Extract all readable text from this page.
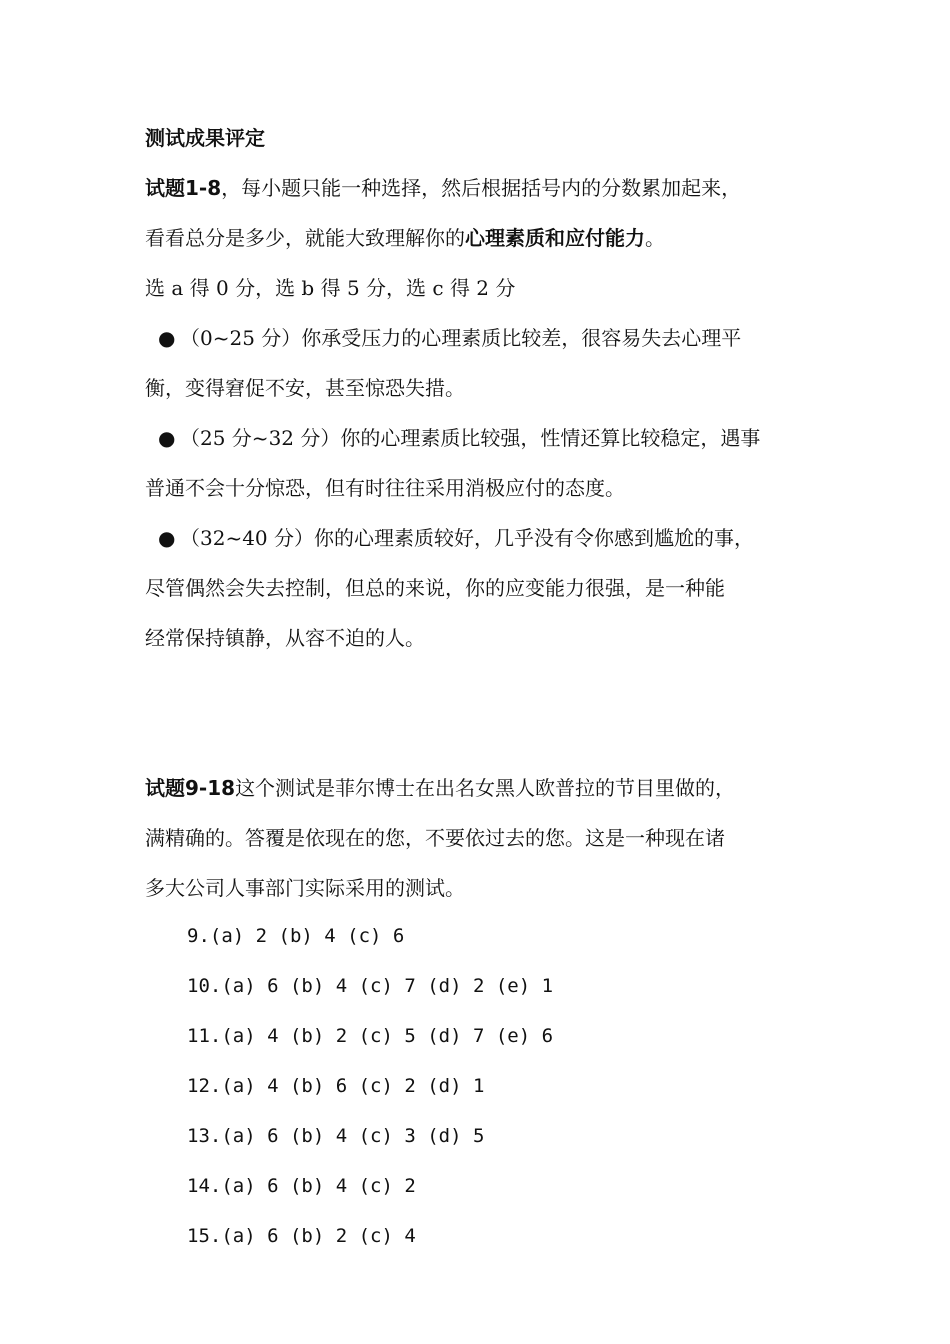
测试成果评定
试题1-8，每小题只能一种选择，然后根据括号内的分数累加起来，
看看总分是多少，就能大致理解你的心理素质和应付能力。
选 a 得 0 分，选 b 得 5 分，选 c 得 2 分
● （0~25 分）你承受压力的心理素质比较差，很容易失去心理平
衡，变得窘促不安，甚至惊恐失措。
● （25 分~32 分）你的心理素质比较强，性情还算比较稳定，遇事
普通不会十分惊恐，但有时往往采用消极应付的态度。
● （32~40 分）你的心理素质较好，几乎没有令你感到尴尬的事，
尽管偶然会失去控制，但总的来说，你的应变能力很强，是一种能
经常保持镇静，从容不迫的人。
试题9-18这个测试是菲尔博士在出名女黑人欧普拉的节目里做的，
满精确的。答覆是依现在的您，不要依过去的您。这是一种现在诸
多大公司人事部门实际采用的测试。
9.(a) 2 (b) 4 (c) 6
10.(a) 6 (b) 4 (c) 7 (d) 2 (e) 1
11.(a) 4 (b) 2 (c) 5 (d) 7 (e) 6
12.(a) 4 (b) 6 (c) 2 (d) 1
13.(a) 6 (b) 4 (c) 3 (d) 5
14.(a) 6 (b) 4 (c) 2
15.(a) 6 (b) 2 (c) 4
